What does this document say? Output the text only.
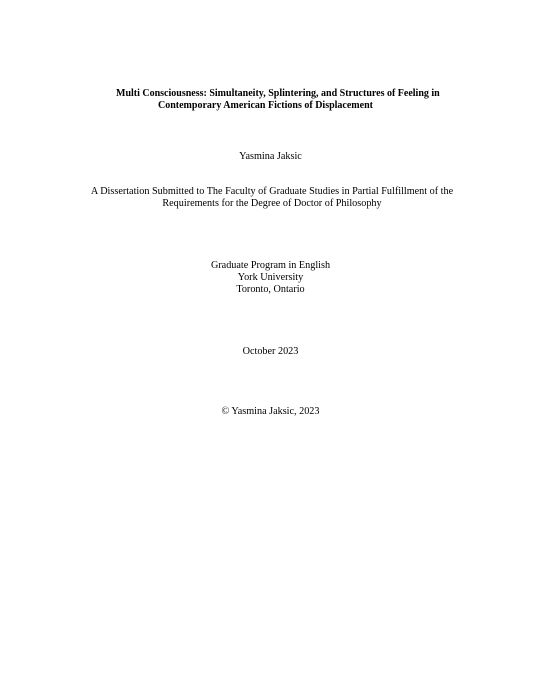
Multi Consciousness: Simultaneity, Splintering, and Structures of Feeling in
Contemporary American Fictions of Displacement
Yasmina Jaksic
A Dissertation Submitted to The Faculty of Graduate Studies in Partial Fulfillment of the
Requirements for the Degree of Doctor of Philosophy
Graduate Program in English
York University
Toronto, Ontario
October 2023
© Yasmina Jaksic, 2023
